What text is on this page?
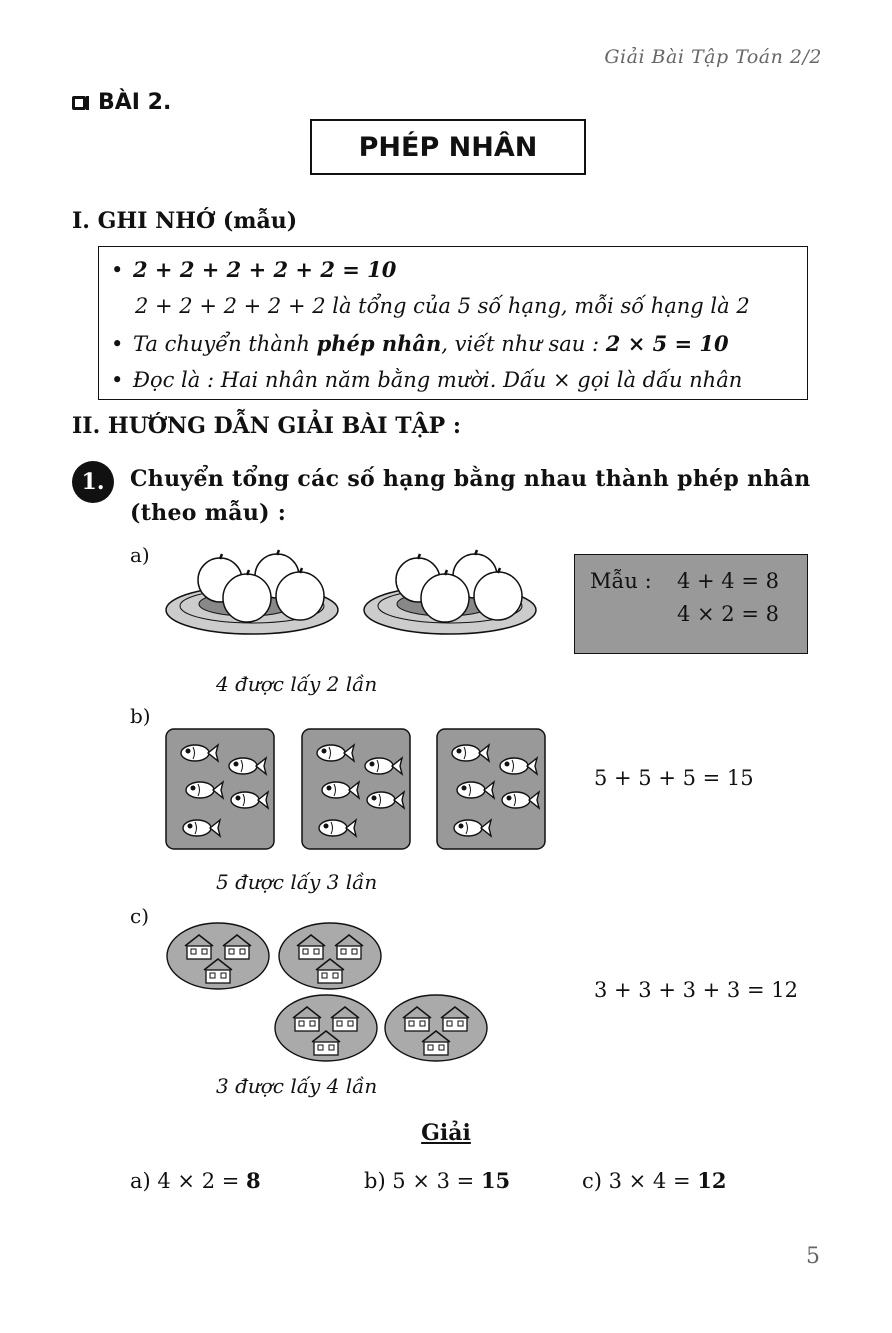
Giải Bài Tập Toán 2/2
BÀI 2.
PHÉP NHÂN
I. GHI NHỚ (mẫu)
• 2 + 2 + 2 + 2 + 2 = 10
2 + 2 + 2 + 2 + 2 là tổng của 5 số hạng, mỗi số hạng là 2
• Ta chuyển thành phép nhân, viết như sau : 2 × 5 = 10
• Đọc là : Hai nhân năm bằng mười. Dấu × gọi là dấu nhân
II. HƯỚNG DẪN GIẢI BÀI TẬP :
1.	Chuyển tổng các số hạng bằng nhau thành phép nhân
(theo mẫu) :
a)
Mẫu : 4 + 4 = 8
4 × 2 = 8
4 được lấy 2 lần
b)
5 + 5 + 5 = 15
5 được lấy 3 lần
c)
3 + 3 + 3 + 3 = 12
3 được lấy 4 lần
Giải
a) 4 × 2 = 8	b) 5 × 3 = 15	c) 3 × 4 = 12
5
